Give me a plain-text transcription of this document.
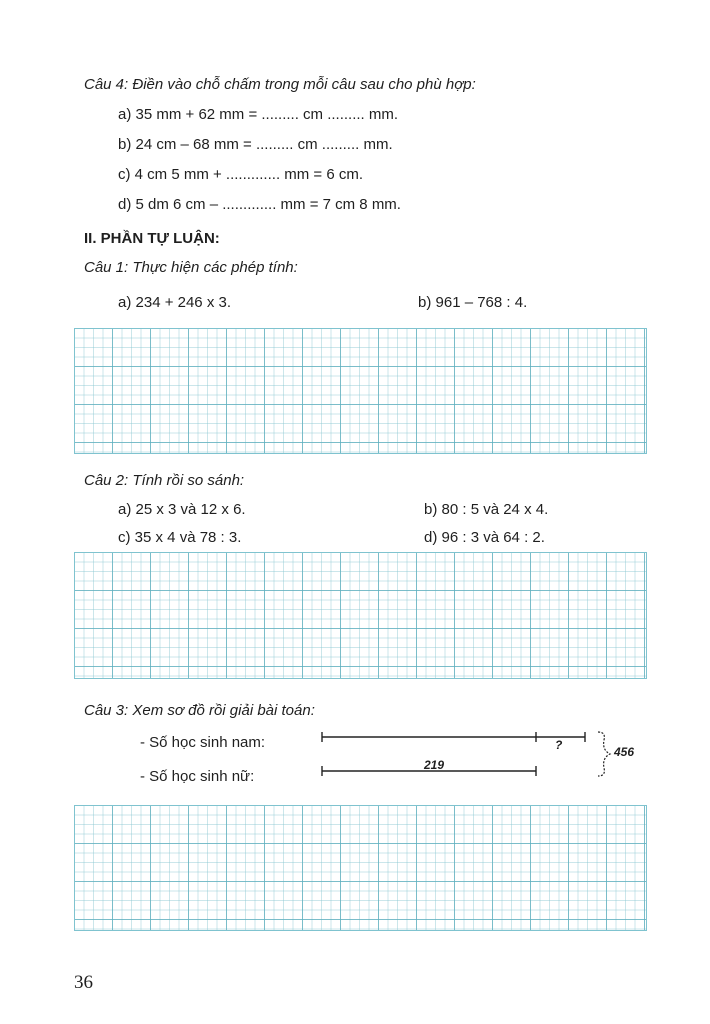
Câu 4: Điền vào chỗ chấm trong mỗi câu sau cho phù hợp:
a) 35 mm + 62 mm = ......... cm ......... mm.
b) 24 cm – 68 mm = ......... cm ......... mm.
c) 4 cm 5 mm + ............. mm = 6 cm.
d) 5 dm 6 cm – ............. mm = 7 cm 8 mm.
II. PHẦN TỰ LUẬN:
Câu 1: Thực hiện các phép tính:
a) 234 + 246 x 3.	b) 961 – 768 : 4.
Câu 2: Tính rồi so sánh:
a) 25 x 3 và 12 x 6.	b) 80 : 5 và 24 x 4.
c) 35 x 4 và 78 : 3.	d) 96 : 3 và 64 : 2.
Câu 3: Xem sơ đồ rồi giải bài toán:
- Số học sinh nam:
- Số học sinh nữ:
?
219
456
36
